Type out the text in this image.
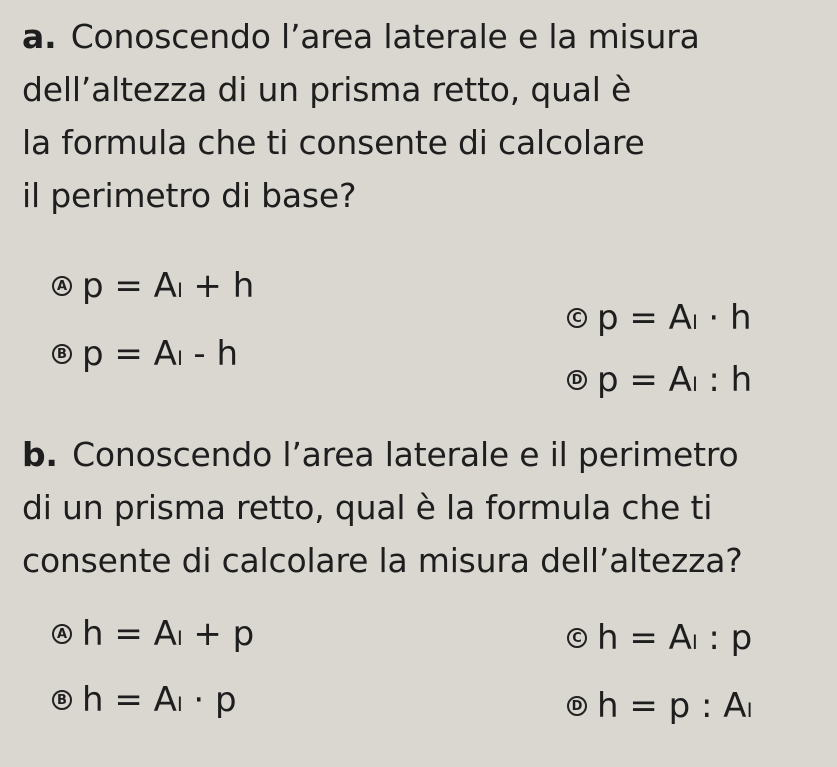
a. Conoscendo l’area laterale e la misura
dell’altezza di un prisma retto, qual è
la formula che ti consente di calcolare
il perimetro di base?
A p = Aₗ + h
B p = Aₗ - h
C p = Aₗ · h
D p = Aₗ : h
b. Conoscendo l’area laterale e il perimetro
di un prisma retto, qual è la formula che ti
consente di calcolare la misura dell’altezza?
A h = Aₗ + p
B h = Aₗ · p
C h = Aₗ : p
D h = p : Aₗ
